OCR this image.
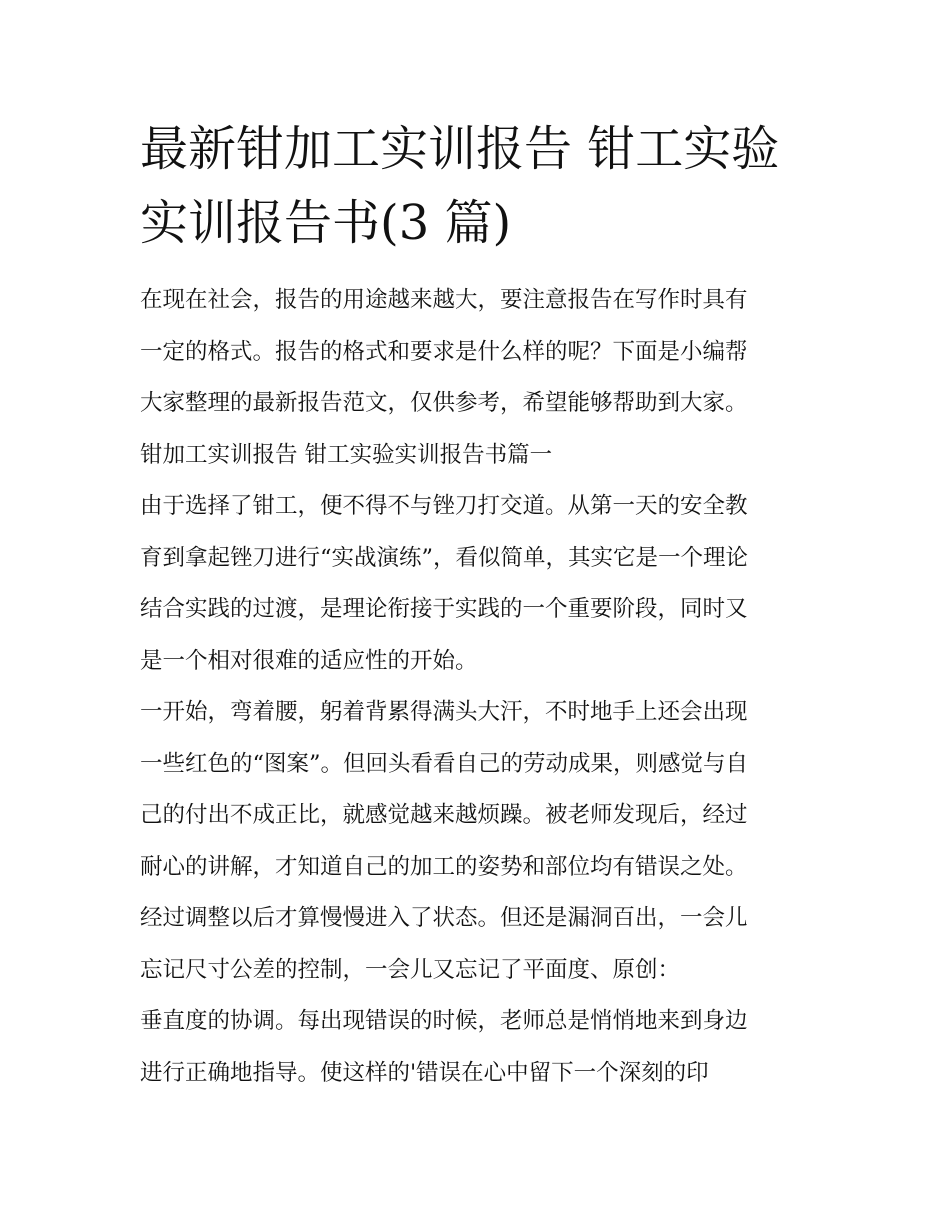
最新钳加工实训报告 钳工实验
实训报告书(3 篇)

在现在社会，报告的用途越来越大，要注意报告在写作时具有
一定的格式。报告的格式和要求是什么样的呢？下面是小编帮
大家整理的最新报告范文，仅供参考，希望能够帮助到大家。

钳加工实训报告 钳工实验实训报告书篇一

由于选择了钳工，便不得不与锉刀打交道。从第一天的安全教
育到拿起锉刀进行“实战演练”，看似简单，其实它是一个理论
结合实践的过渡，是理论衔接于实践的一个重要阶段，同时又
是一个相对很难的适应性的开始。

一开始，弯着腰，躬着背累得满头大汗，不时地手上还会出现
一些红色的“图案”。但回头看看自己的劳动成果，则感觉与自
己的付出不成正比，就感觉越来越烦躁。被老师发现后，经过
耐心的讲解，才知道自己的加工的姿势和部位均有错误之处。
经过调整以后才算慢慢进入了状态。但还是漏洞百出，一会儿
忘记尺寸公差的控制，一会儿又忘记了平面度、原创：

垂直度的协调。每出现错误的时候，老师总是悄悄地来到身边
进行正确地指导。使这样的'错误在心中留下一个深刻的印
